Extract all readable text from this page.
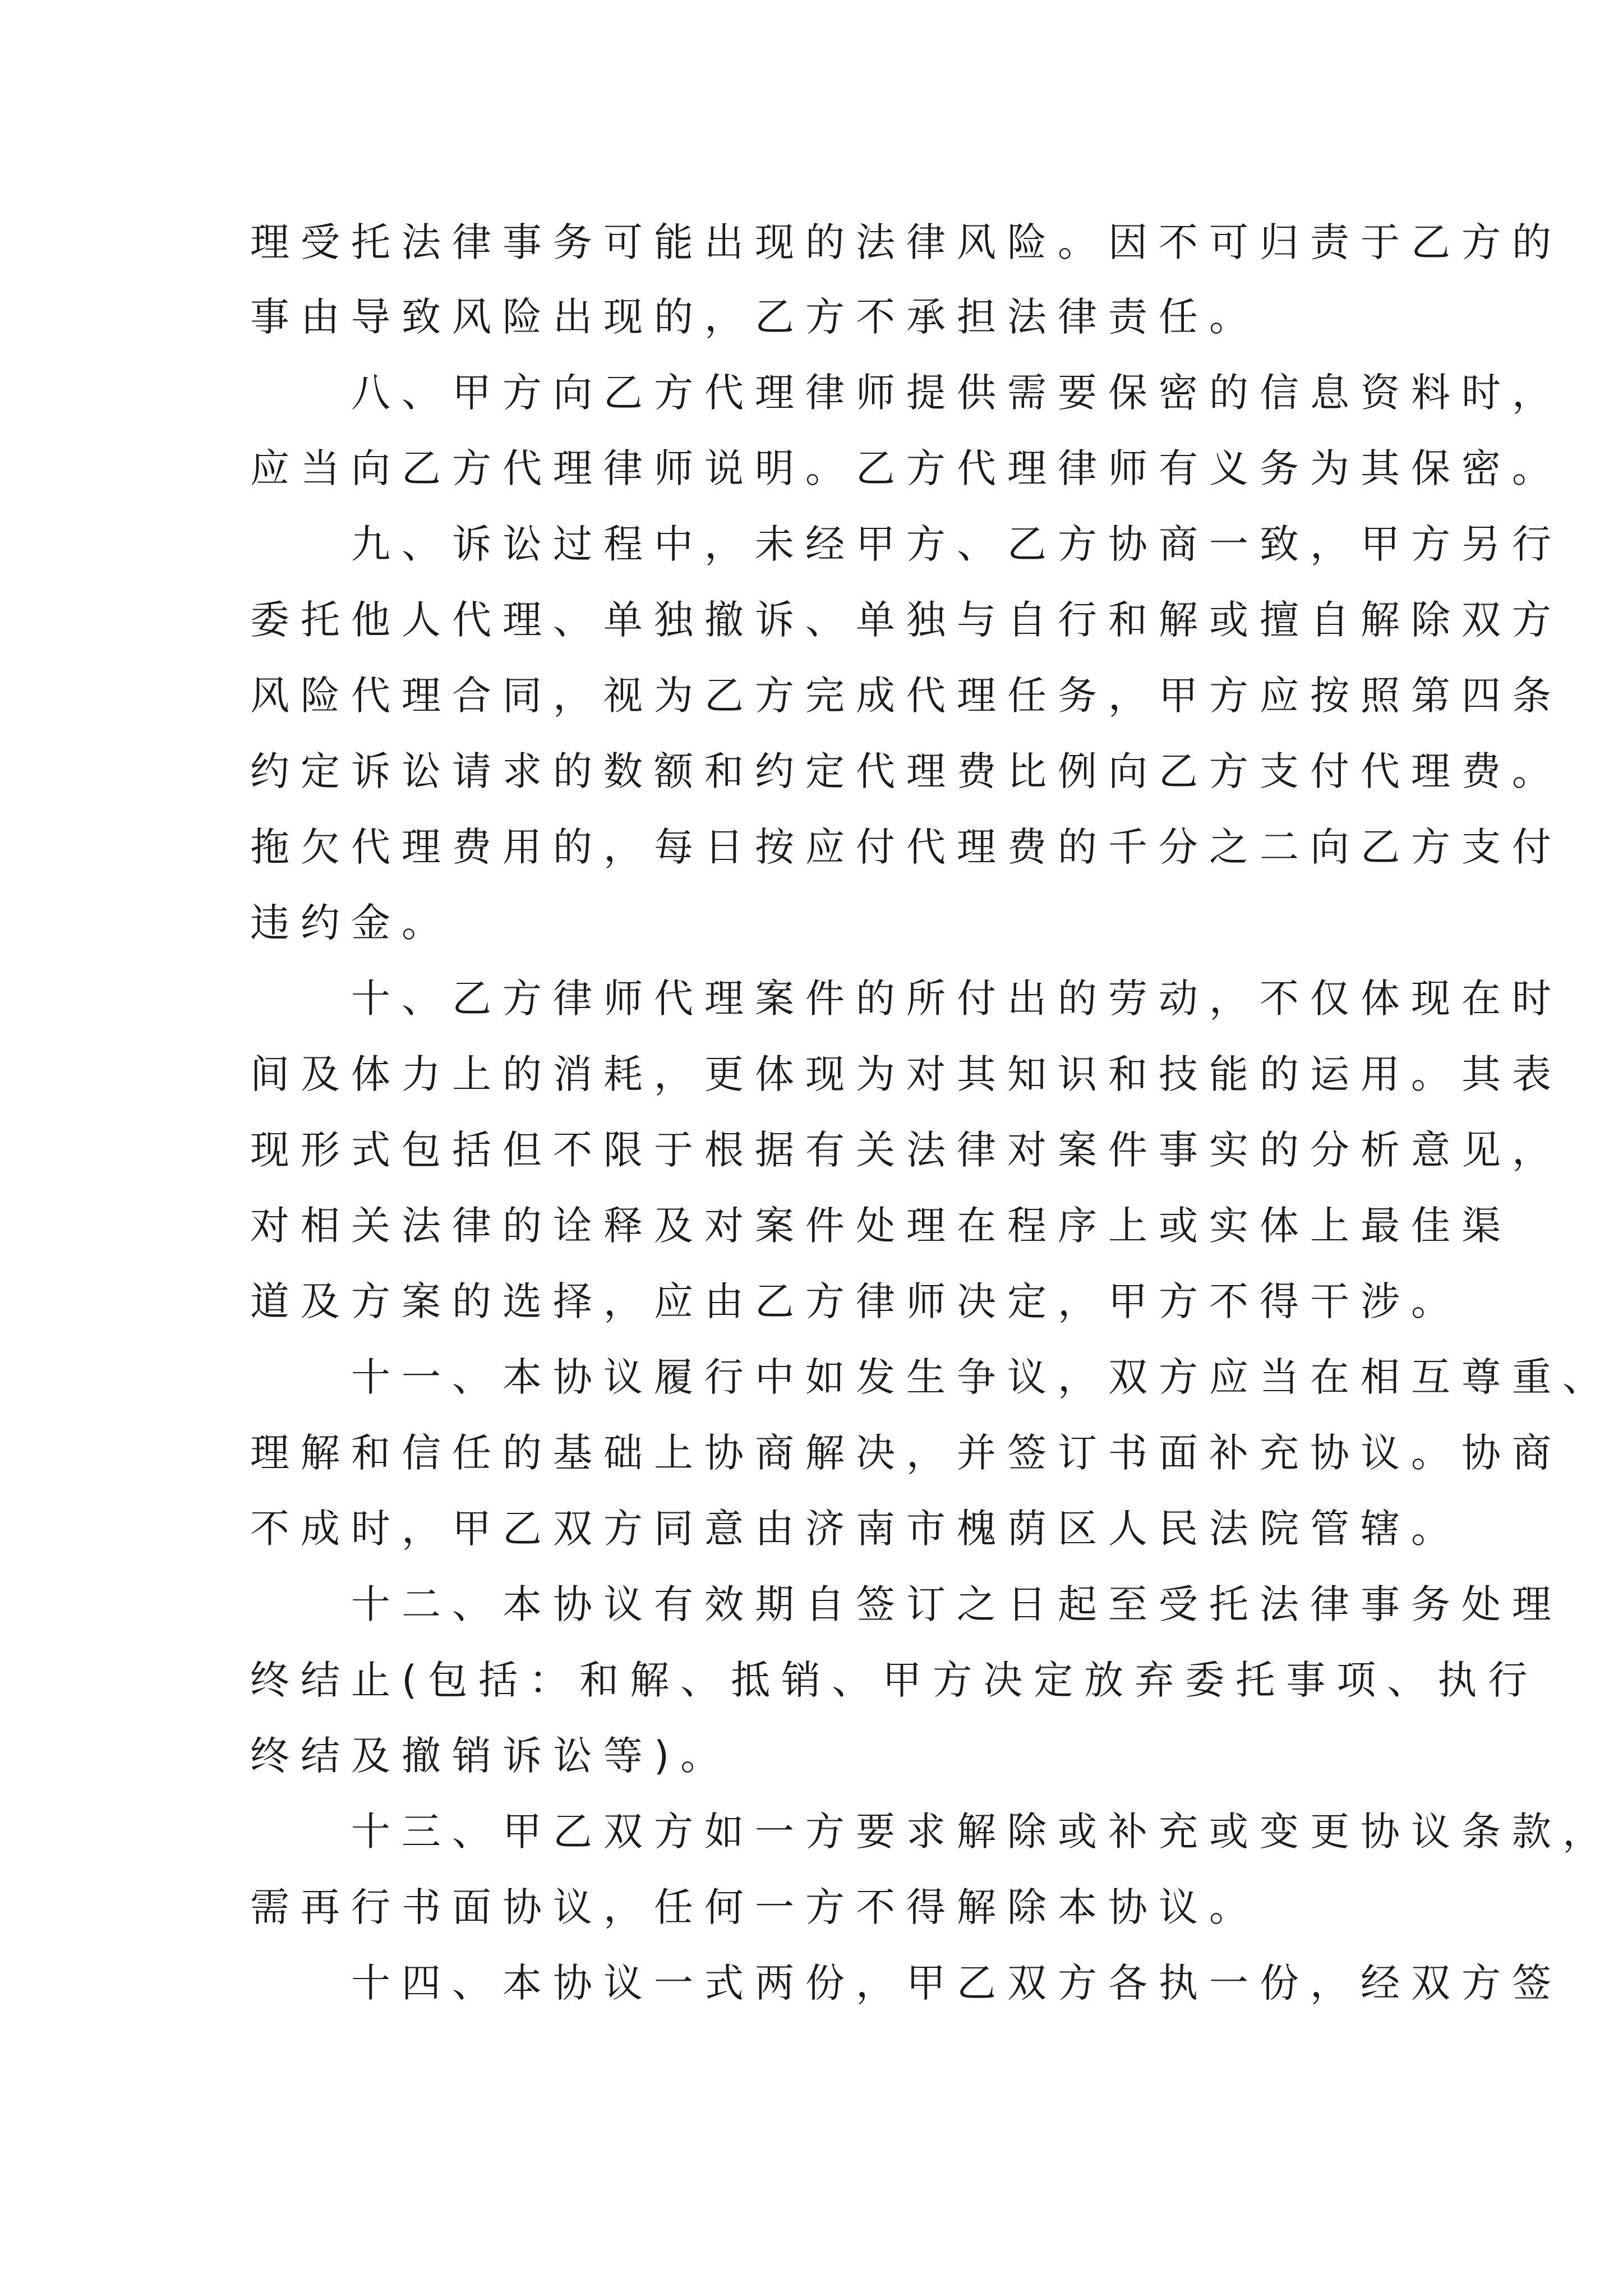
理受托法律事务可能出现的法律风险。因不可归责于乙方的
事由导致风险出现的，乙方不承担法律责任。
　　八、甲方向乙方代理律师提供需要保密的信息资料时，
应当向乙方代理律师说明。乙方代理律师有义务为其保密。
　　九、诉讼过程中，未经甲方、乙方协商一致，甲方另行
委托他人代理、单独撤诉、单独与自行和解或擅自解除双方
风险代理合同，视为乙方完成代理任务，甲方应按照第四条
约定诉讼请求的数额和约定代理费比例向乙方支付代理费。
拖欠代理费用的，每日按应付代理费的千分之二向乙方支付
违约金。
　　十、乙方律师代理案件的所付出的劳动，不仅体现在时
间及体力上的消耗，更体现为对其知识和技能的运用。其表
现形式包括但不限于根据有关法律对案件事实的分析意见，
对相关法律的诠释及对案件处理在程序上或实体上最佳渠
道及方案的选择，应由乙方律师决定，甲方不得干涉。
　　十一、本协议履行中如发生争议，双方应当在相互尊重、
理解和信任的基础上协商解决，并签订书面补充协议。协商
不成时，甲乙双方同意由济南市槐荫区人民法院管辖。
　　十二、本协议有效期自签订之日起至受托法律事务处理
终结止(包括：和解、抵销、甲方决定放弃委托事项、执行
终结及撤销诉讼等)。
　　十三、甲乙双方如一方要求解除或补充或变更协议条款，
需再行书面协议，任何一方不得解除本协议。
　　十四、本协议一式两份，甲乙双方各执一份，经双方签
